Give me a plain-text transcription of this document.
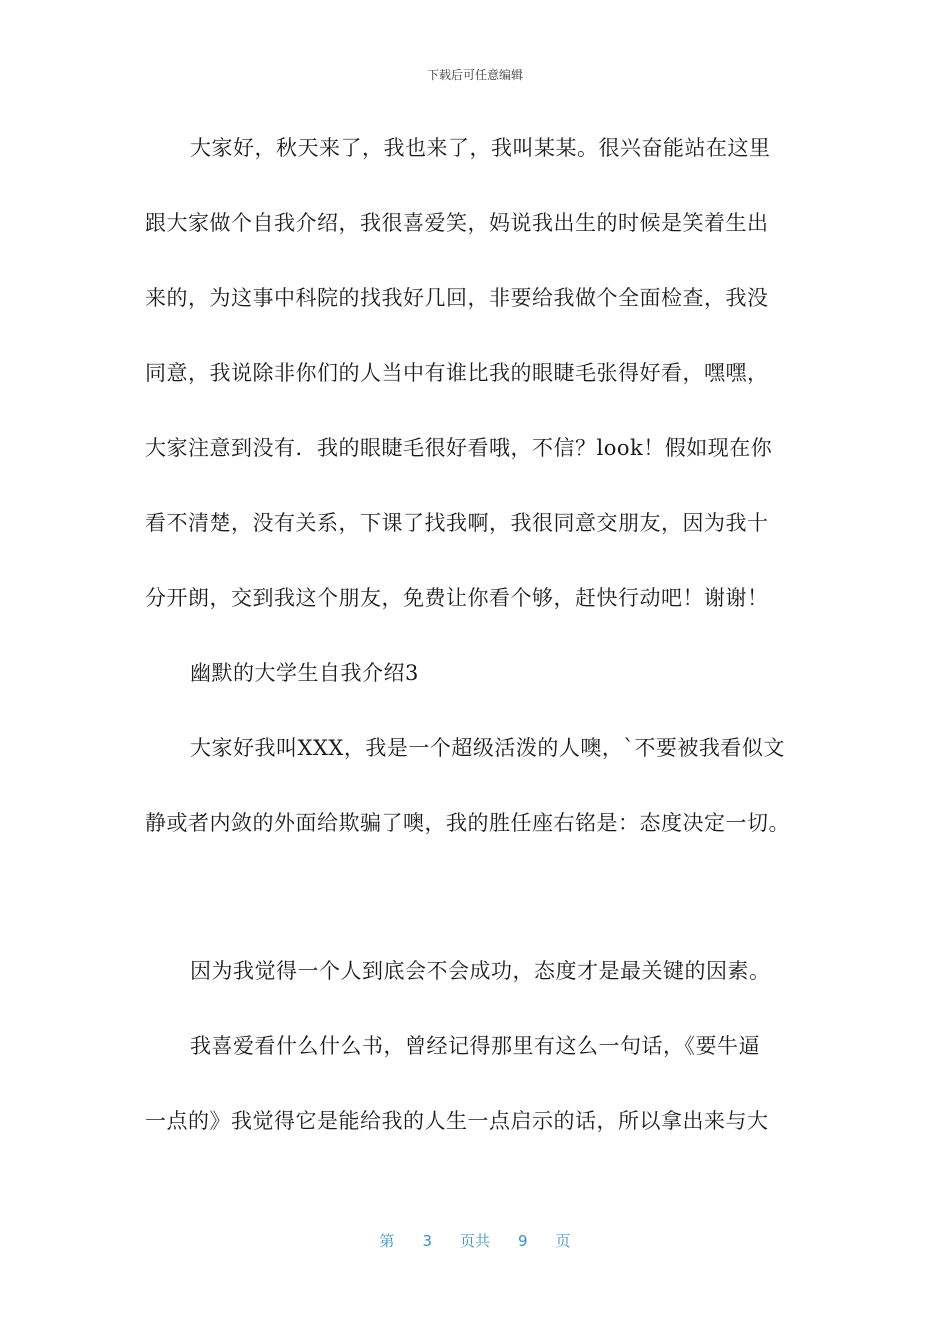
下载后可任意编辑
大家好，秋天来了，我也来了，我叫某某。很兴奋能站在这里
跟大家做个自我介绍，我很喜爱笑，妈说我出生的时候是笑着生出
来的，为这事中科院的找我好几回，非要给我做个全面检查，我没
同意，我说除非你们的人当中有谁比我的眼睫毛张得好看，嘿嘿，
大家注意到没有．我的眼睫毛很好看哦，不信？look！假如现在你
看不清楚，没有关系，下课了找我啊，我很同意交朋友，因为我十
分开朗，交到我这个朋友，免费让你看个够，赶快行动吧！谢谢！
幽默的大学生自我介绍3
大家好我叫XXX，我是一个超级活泼的人噢，`不要被我看似文
静或者内敛的外面给欺骗了噢，我的胜任座右铭是：态度决定一切。
因为我觉得一个人到底会不会成功，态度才是最关键的因素。
我喜爱看什么什么书，曾经记得那里有这么一句话，《要牛逼
一点的》我觉得它是能给我的人生一点启示的话，所以拿出来与大
第 3 页共 9 页
